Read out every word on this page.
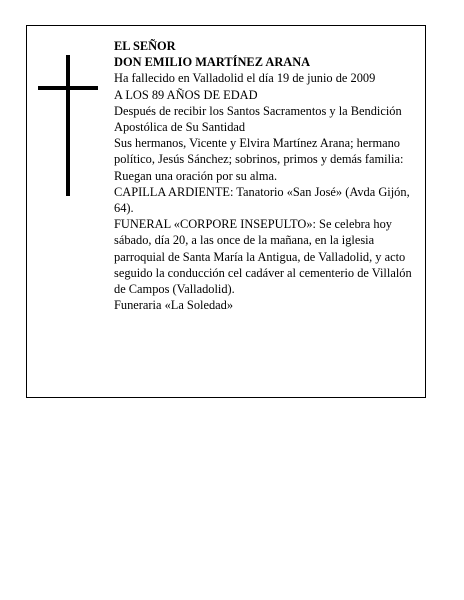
EL SEÑOR

DON EMILIO MARTÍNEZ ARANA

Ha fallecido en Valladolid el día 19 de junio de 2009

A LOS 89 AÑOS DE EDAD

Después de recibir los Santos Sacramentos y la Bendición Apostólica de Su Santidad

Sus hermanos, Vicente y Elvira Martínez Arana; hermano político, Jesús Sánchez; sobrinos, primos y demás familia:

Ruegan una oración por su alma.

CAPILLA ARDIENTE: Tanatorio «San José» (Avda Gijón, 64).

FUNERAL «CORPORE INSEPULTO»: Se celebra hoy sábado, día 20, a las once de la mañana, en la iglesia parroquial de Santa María la Antigua, de Valladolid, y acto seguido la conducción cel cadáver al cementerio de Villalón de Campos (Valladolid).

Funeraria «La Soledad»
